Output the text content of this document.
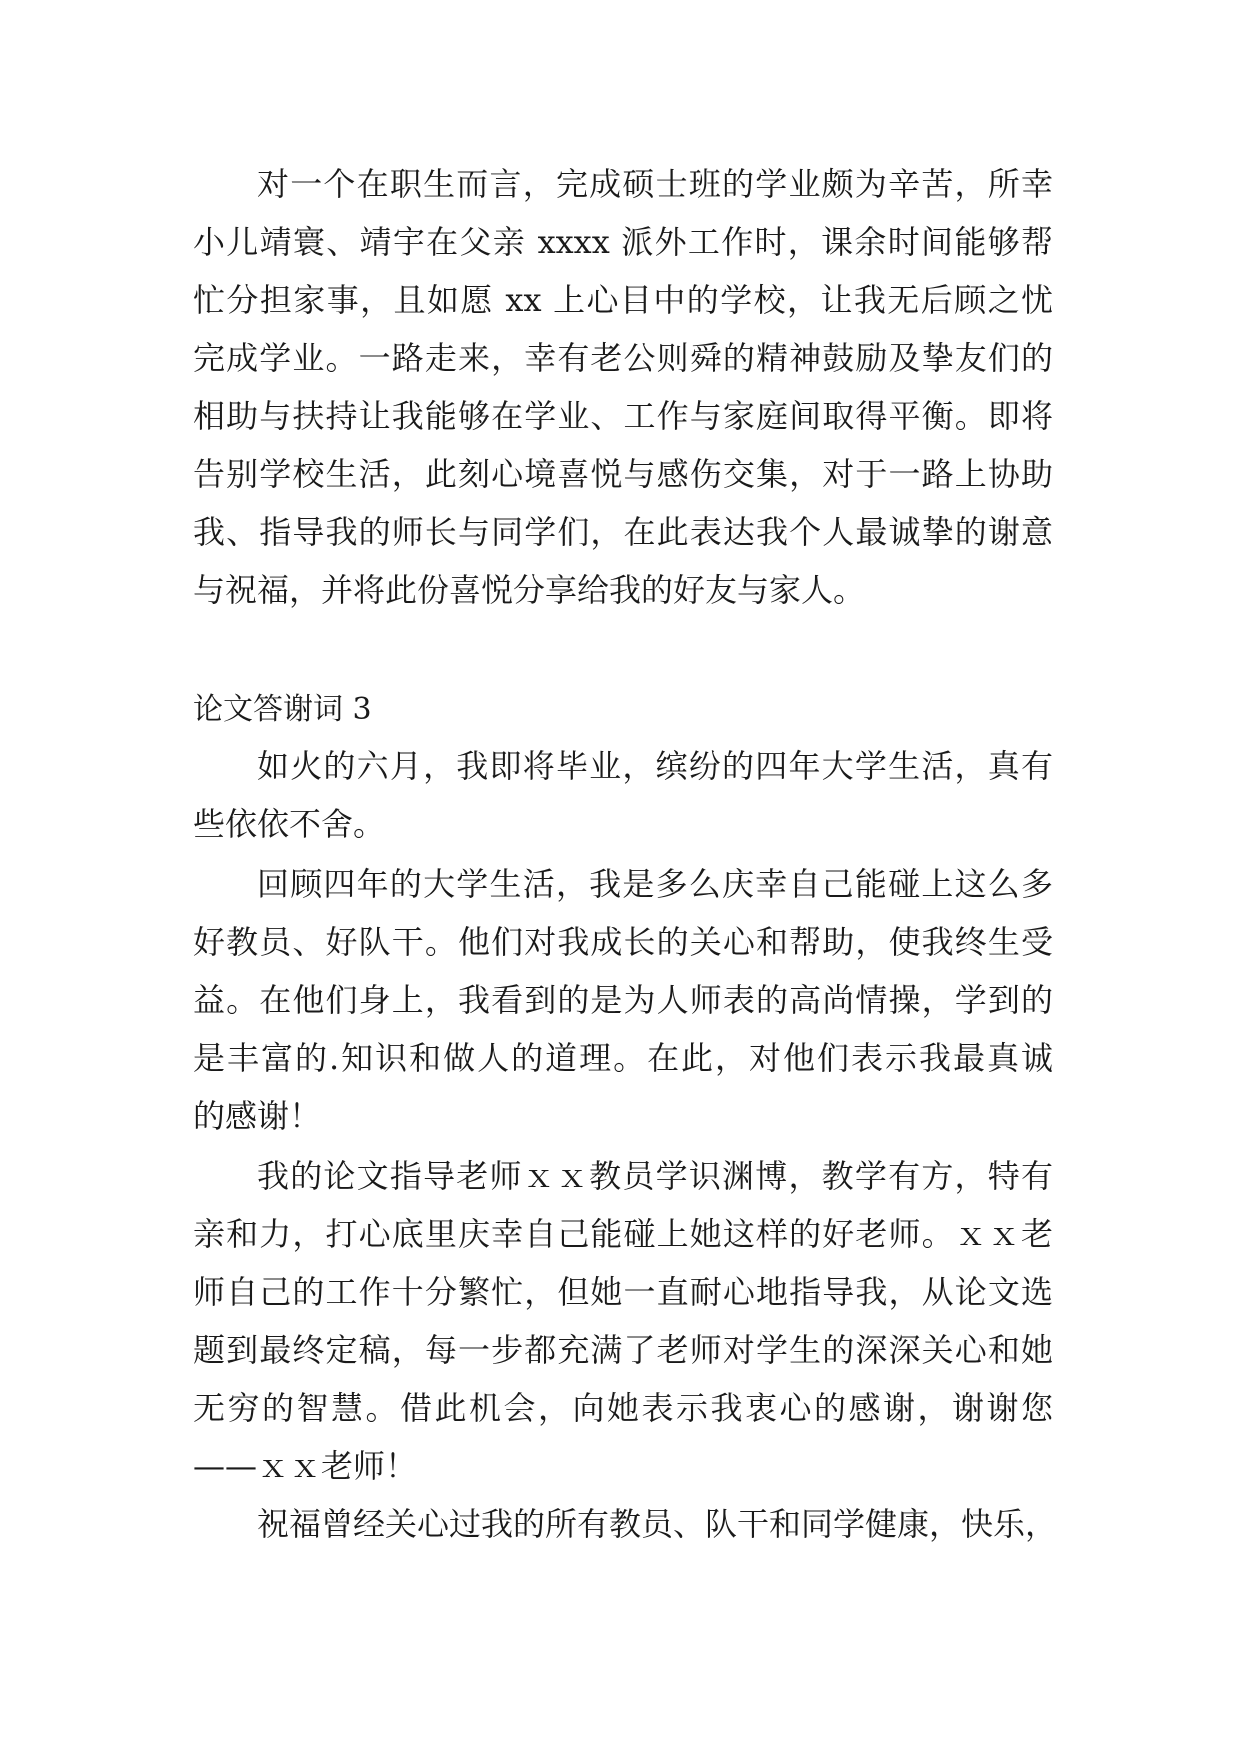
对一个在职生而言，完成硕士班的学业颇为辛苦，所幸
小儿靖寰、靖宇在父亲 xxxx 派外工作时，课余时间能够帮
忙分担家事，且如愿 xx 上心目中的学校，让我无后顾之忧
完成学业。一路走来，幸有老公则舜的精神鼓励及挚友们的
相助与扶持让我能够在学业、工作与家庭间取得平衡。即将
告别学校生活，此刻心境喜悦与感伤交集，对于一路上协助
我、指导我的师长与同学们，在此表达我个人最诚挚的谢意
与祝福，并将此份喜悦分享给我的好友与家人。
论文答谢词 3
如火的六月，我即将毕业，缤纷的四年大学生活，真有
些依依不舍。
回顾四年的大学生活，我是多么庆幸自己能碰上这么多
好教员、好队干。他们对我成长的关心和帮助，使我终生受
益。在他们身上，我看到的是为人师表的高尚情操，学到的
是丰富的.知识和做人的道理。在此，对他们表示我最真诚
的感谢！
我的论文指导老师ｘｘ教员学识渊博，教学有方，特有
亲和力，打心底里庆幸自己能碰上她这样的好老师。ｘｘ老
师自己的工作十分繁忙，但她一直耐心地指导我，从论文选
题到最终定稿，每一步都充满了老师对学生的深深关心和她
无穷的智慧。借此机会，向她表示我衷心的感谢，谢谢您
——ｘｘ老师！
祝福曾经关心过我的所有教员、队干和同学健康，快乐，
